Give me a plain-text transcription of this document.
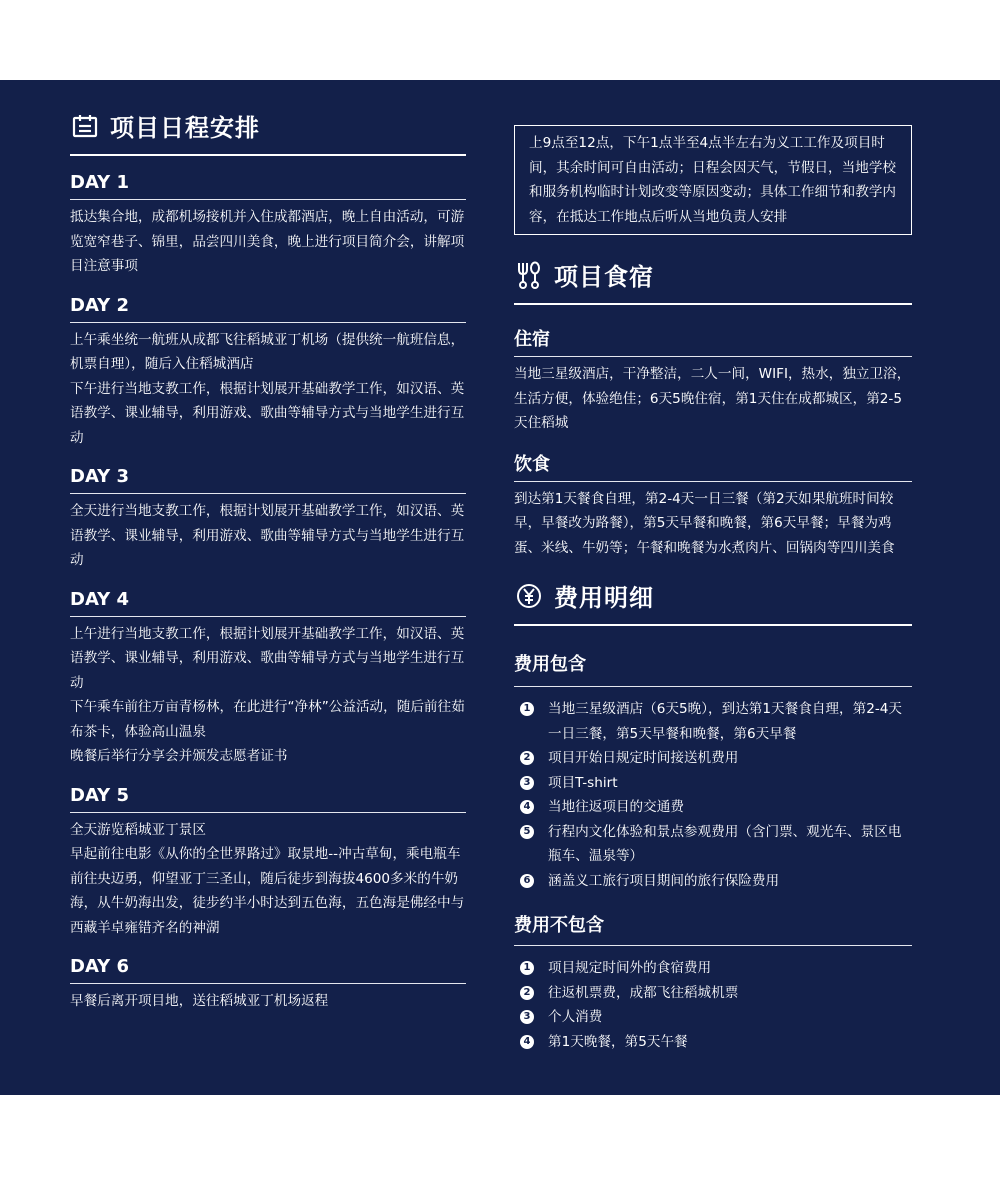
项目日程安排
DAY 1
抵达集合地，成都机场接机并入住成都酒店，晚上自由活动，可游览宽窄巷子、锦里，品尝四川美食，晚上进行项目简介会，讲解项目注意事项
DAY 2
上午乘坐统一航班从成都飞往稻城亚丁机场（提供统一航班信息，机票自理），随后入住稻城酒店
下午进行当地支教工作，根据计划展开基础教学工作，如汉语、英语教学、课业辅导，利用游戏、歌曲等辅导方式与当地学生进行互动
DAY 3
全天进行当地支教工作，根据计划展开基础教学工作，如汉语、英语教学、课业辅导，利用游戏、歌曲等辅导方式与当地学生进行互动
DAY 4
上午进行当地支教工作，根据计划展开基础教学工作，如汉语、英语教学、课业辅导，利用游戏、歌曲等辅导方式与当地学生进行互动
下午乘车前往万亩青杨林，在此进行“净林”公益活动，随后前往茹布茶卡，体验高山温泉
晚餐后举行分享会并颁发志愿者证书
DAY 5
全天游览稻城亚丁景区
早起前往电影《从你的全世界路过》取景地--冲古草甸，乘电瓶车前往央迈勇，仰望亚丁三圣山，随后徒步到海拔4600多米的牛奶海，从牛奶海出发，徒步约半小时达到五色海，五色海是佛经中与西藏羊卓雍错齐名的神湖
DAY 6
早餐后离开项目地，送往稻城亚丁机场返程
上9点至12点，下午1点半至4点半左右为义工工作及项目时间，其余时间可自由活动；日程会因天气，节假日，当地学校和服务机构临时计划改变等原因变动；具体工作细节和教学内容，在抵达工作地点后听从当地负责人安排
项目食宿
住宿
当地三星级酒店，干净整洁，二人一间，WIFI，热水，独立卫浴，生活方便，体验绝佳；6天5晚住宿，第1天住在成都城区，第2-5天住稻城
饮食
到达第1天餐食自理，第2-4天一日三餐（第2天如果航班时间较早，早餐改为路餐），第5天早餐和晚餐，第6天早餐；早餐为鸡蛋、米线、牛奶等；午餐和晚餐为水煮肉片、回锅肉等四川美食
费用明细
费用包含
1 当地三星级酒店（6天5晚），到达第1天餐食自理，第2-4天一日三餐，第5天早餐和晚餐，第6天早餐
2 项目开始日规定时间接送机费用
3 项目T-shirt
4 当地往返项目的交通费
5 行程内文化体验和景点参观费用（含门票、观光车、景区电瓶车、温泉等）
6 涵盖义工旅行项目期间的旅行保险费用
费用不包含
1 项目规定时间外的食宿费用
2 往返机票费，成都飞往稻城机票
3 个人消费
4 第1天晚餐，第5天午餐
